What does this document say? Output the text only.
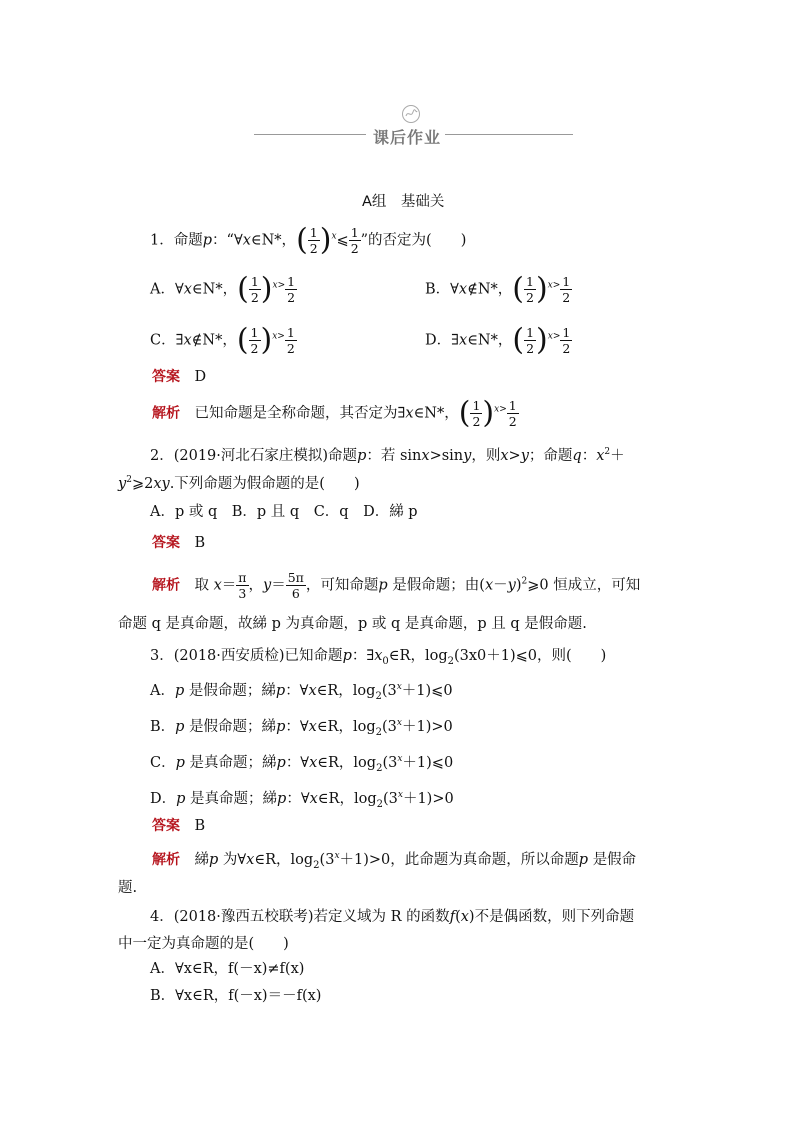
课后作业
A组　基础关
1．命题p：“∀x∈N*，( $\frac{1}{2}$ )$^x$⩽ $\frac{1}{2}$ ”的否定为(　　)
A．∀x∈N*，( $\frac{1}{2} )^{x>} \frac{1}{2}$	B．∀x∉N*，( $\frac{1}{2} )^{x>} \frac{1}{2}$
C．∃x∉N*，( $\frac{1}{2} )^{x>} \frac{1}{2}$	D．∃x∈N*，( $\frac{1}{2} )^{x>} \frac{1}{2}$
答案　 D
解析　 已知命题是全称命题，其否定为∃x∈N*，( $\frac{1}{2} )^{x>} \frac{1}{2}$
2．(2019·河北石家庄模拟)命题p：若 sinx>siny，则x>y；命题q：$x^2+$
$y^2⩾2xy$.下列命题为假命题的是(　　)
A．p 或 q　B．p 且 q　C．q　D．綈 p
答案　 B
解析　 取 $x= \frac{\pi}{3}$ ，$y= \frac{5\pi}{6}$ ，可知命题p 是假命题；由$(x-y)^2⩾0$ 恒成立，可知
命题 q 是真命题，故綈 p 为真命题，p 或 q 是真命题，p 且 q 是假命题.
3．(2018·西安质检)已知命题p：$\exists x_0\in R$，$\log_2(3x0+1)⩽0$，则(　　)
A．p 是假命题；綈p：∀x∈R，$\log_2(3^x+1)⩽0$
B．p 是假命题；綈p：∀x∈R，$\log_2(3^x+1)>0$
C．p 是真命题；綈p：∀x∈R，$\log_2(3^x+1)⩽0$
D．p 是真命题；綈p：∀x∈R，$\log_2(3^x+1)>0$
答案　 B
解析　 綈p 为∀x∈R，$\log_2(3^x+1)>0$，此命题为真命题，所以命题p 是假命
题.
4．(2018·豫西五校联考)若定义域为 R 的函数f(x)不是偶函数，则下列命题
中一定为真命题的是(　　)
A．∀x∈R，f(－x)≠f(x)
B．∀x∈R，f(－x)＝－f(x)
